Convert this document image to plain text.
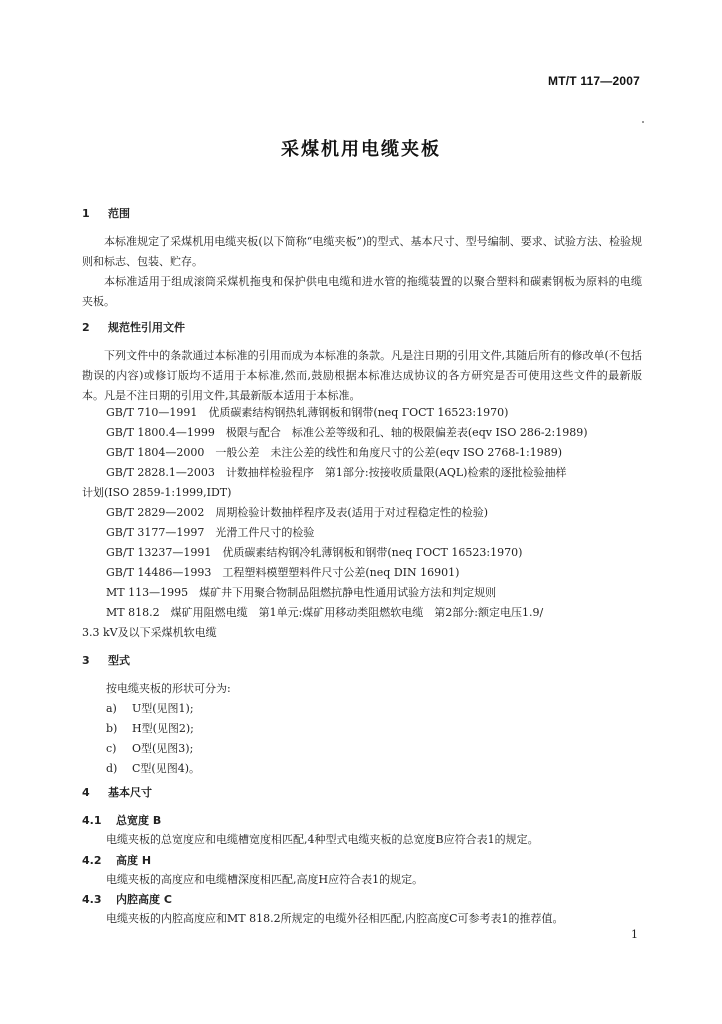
MT/T 117—2007
采煤机用电缆夹板
1 范围
本标准规定了采煤机用电缆夹板(以下简称“电缆夹板”)的型式、基本尺寸、型号编制、要求、试验方法、检验规则和标志、包装、贮存。
本标准适用于组成滚筒采煤机拖曳和保护供电电缆和进水管的拖缆装置的以聚合塑料和碳素钢板为原料的电缆夹板。
2 规范性引用文件
下列文件中的条款通过本标准的引用而成为本标准的条款。凡是注日期的引用文件,其随后所有的修改单(不包括勘误的内容)或修订版均不适用于本标准,然而,鼓励根据本标准达成协议的各方研究是否可使用这些文件的最新版本。凡是不注日期的引用文件,其最新版本适用于本标准。
GB/T 710—1991　优质碳素结构钢热轧薄钢板和钢带(neq ГОСТ 16523:1970)
GB/T 1800.4—1999　极限与配合　标准公差等级和孔、轴的极限偏差表(eqv ISO 286-2:1989)
GB/T 1804—2000　一般公差　未注公差的线性和角度尺寸的公差(eqv ISO 2768-1:1989)
GB/T 2828.1—2003　计数抽样检验程序　第1部分:按接收质量限(AQL)检索的逐批检验抽样
计划(ISO 2859-1:1999,IDT)
GB/T 2829—2002　周期检验计数抽样程序及表(适用于对过程稳定性的检验)
GB/T 3177—1997　光滑工件尺寸的检验
GB/T 13237—1991　优质碳素结构钢冷轧薄钢板和钢带(neq ГОСТ 16523:1970)
GB/T 14486—1993　工程塑料模塑塑料件尺寸公差(neq DIN 16901)
MT 113—1995　煤矿井下用聚合物制品阻燃抗静电性通用试验方法和判定规则
MT 818.2　煤矿用阻燃电缆　第1单元:煤矿用移动类阻燃软电缆　第2部分:额定电压1.9/
3.3 kV及以下采煤机软电缆
3 型式
按电缆夹板的形状可分为:
a) U型(见图1);
b) H型(见图2);
c) O型(见图3);
d) C型(见图4)。
4 基本尺寸
4.1 总宽度 B
电缆夹板的总宽度应和电缆槽宽度相匹配,4种型式电缆夹板的总宽度B应符合表1的规定。
4.2 高度 H
电缆夹板的高度应和电缆槽深度相匹配,高度H应符合表1的规定。
4.3 内腔高度 C
电缆夹板的内腔高度应和MT 818.2所规定的电缆外径相匹配,内腔高度C可参考表1的推荐值。
1
